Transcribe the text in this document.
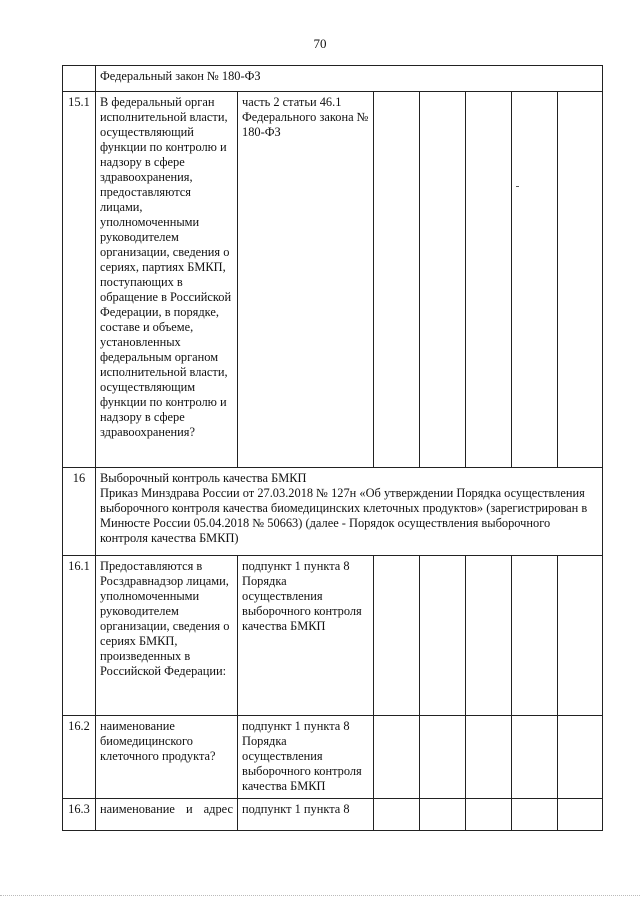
70
	Федеральный закон № 180-ФЗ						
15.1	В федеральный орган исполнительной власти, осуществляющий функции по контролю и надзору в сфере здравоохранения, предоставляются лицами, уполномоченными руководителем организации, сведения о сериях, партиях БМКП, поступающих в обращение в Российской Федерации, в порядке, составе и объеме, установленных федеральным органом исполнительной власти, осуществляющим функции по контролю и надзору в сфере здравоохранения?	часть 2 статьи 46.1 Федерального закона № 180-ФЗ					
16	Выборочный контроль качества БМКП
Приказ Минздрава России от 27.03.2018 № 127н «Об утверждении Порядка осуществления выборочного контроля качества биомедицинских клеточных продуктов» (зарегистрирован в Минюсте России 05.04.2018 № 50663) (далее - Порядок осуществления выборочного контроля качества БМКП)						

16.1	Предоставляются в Росздравнадзор лицами, уполномоченными руководителем организации, сведения о сериях БМКП, произведенных в Российской Федерации:	подпункт 1 пункта 8 Порядка осуществления выборочного контроля качества БМКП					
16.2	наименование биомедицинского клеточного продукта?	подпункт 1 пункта 8 Порядка осуществления выборочного контроля качества БМКП					
16.3	наименование и адрес	подпункт 1 пункта 8					
